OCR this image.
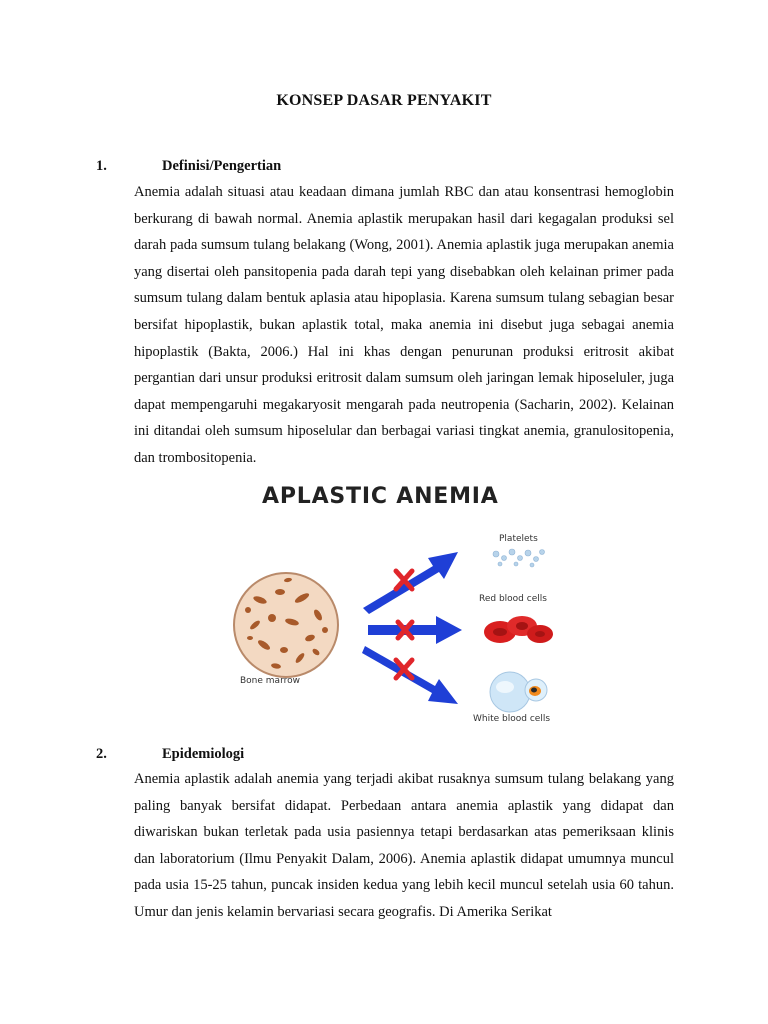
KONSEP DASAR PENYAKIT
1.	Definisi/Pengertian

Anemia adalah situasi atau keadaan dimana jumlah RBC dan atau konsentrasi hemoglobin berkurang di bawah normal. Anemia aplastik merupakan hasil dari kegagalan produksi sel darah pada sumsum tulang belakang (Wong, 2001). Anemia aplastik juga merupakan anemia yang disertai oleh pansitopenia pada darah tepi yang disebabkan oleh kelainan primer pada sumsum tulang dalam bentuk aplasia atau hipoplasia. Karena sumsum tulang sebagian besar bersifat hipoplastik, bukan aplastik total, maka anemia ini disebut juga sebagai anemia hipoplastik (Bakta, 2006.) Hal ini khas dengan penurunan produksi eritrosit akibat pergantian dari unsur produksi eritrosit dalam sumsum oleh jaringan lemak hiposeluler, juga dapat mempengaruhi megakaryosit mengarah pada neutropenia (Sacharin, 2002). Kelainan ini ditandai oleh sumsum hiposelular dan berbagai variasi tingkat anemia, granulositopenia, dan trombositopenia.

APLASTIC ANEMIA
Platelets
Red blood cells
White blood cells
Bone marrow
2.	Epidemiologi

Anemia aplastik adalah anemia yang terjadi akibat rusaknya sumsum tulang belakang yang paling banyak bersifat didapat. Perbedaan antara anemia aplastik yang didapat dan diwariskan bukan terletak pada usia pasiennya tetapi berdasarkan atas pemeriksaan klinis dan laboratorium (Ilmu Penyakit Dalam, 2006). Anemia aplastik didapat umumnya muncul pada usia 15-25 tahun, puncak insiden kedua yang lebih kecil muncul setelah usia 60 tahun. Umur dan jenis kelamin bervariasi secara geografis. Di Amerika Serikat
